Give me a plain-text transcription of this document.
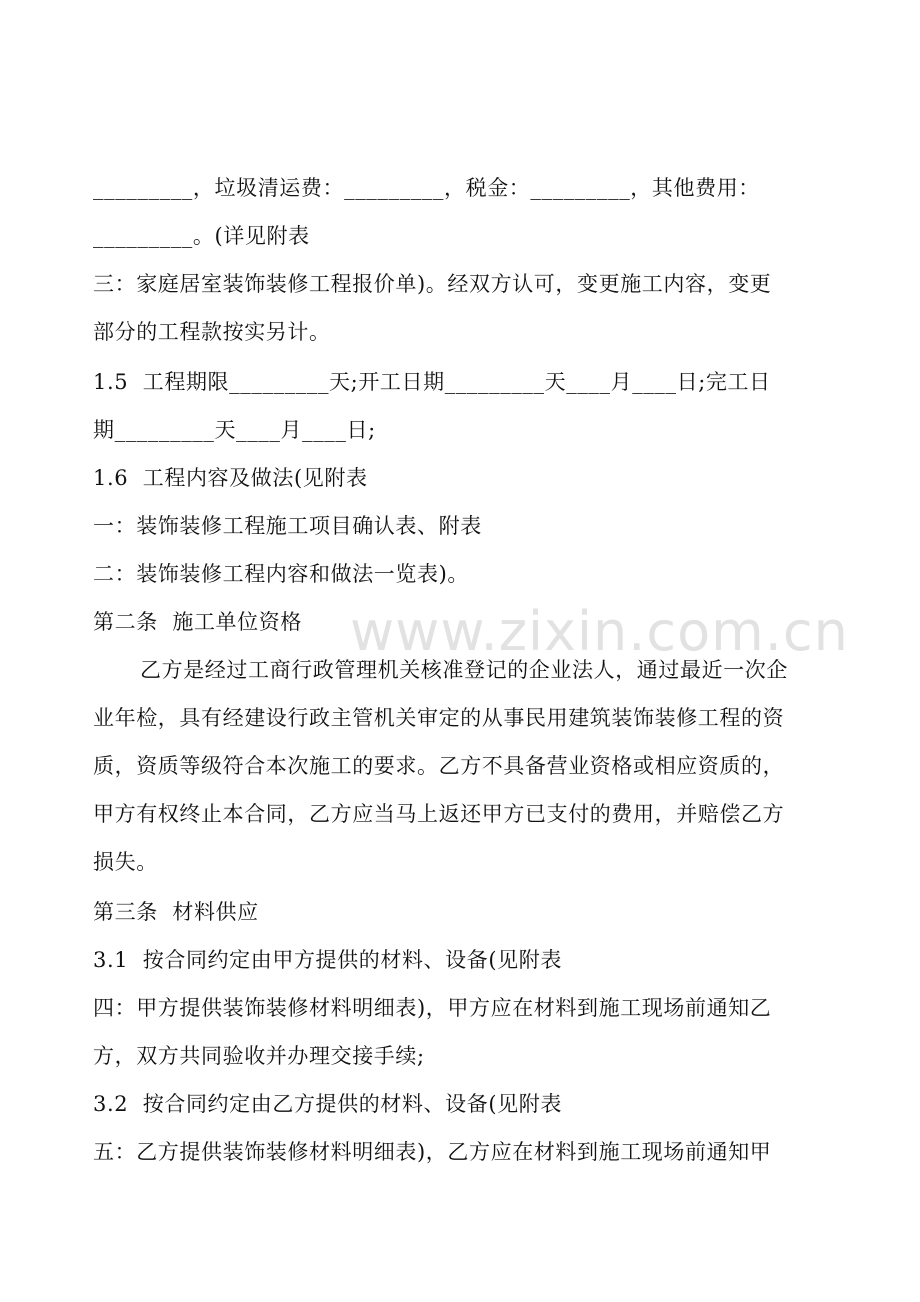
_________，垃圾清运费：_________，税金：_________，其他费用：
_________。(详见附表
三：家庭居室装饰装修工程报价单)。经双方认可，变更施工内容，变更
部分的工程款按实另计。
1.5  工程期限_________天;开工日期_________天____月____日;完工日
期_________天____月____日;
1.6  工程内容及做法(见附表
一：装饰装修工程施工项目确认表、附表
二：装饰装修工程内容和做法一览表)。
第二条  施工单位资格
乙方是经过工商行政管理机关核准登记的企业法人，通过最近一次企
业年检，具有经建设行政主管机关审定的从事民用建筑装饰装修工程的资
质，资质等级符合本次施工的要求。乙方不具备营业资格或相应资质的，
甲方有权终止本合同，乙方应当马上返还甲方已支付的费用，并赔偿乙方
损失。
第三条  材料供应
3.1  按合同约定由甲方提供的材料、设备(见附表
四：甲方提供装饰装修材料明细表)，甲方应在材料到施工现场前通知乙
方，双方共同验收并办理交接手续;
3.2  按合同约定由乙方提供的材料、设备(见附表
五：乙方提供装饰装修材料明细表)，乙方应在材料到施工现场前通知甲
www.zixin.com.cn
